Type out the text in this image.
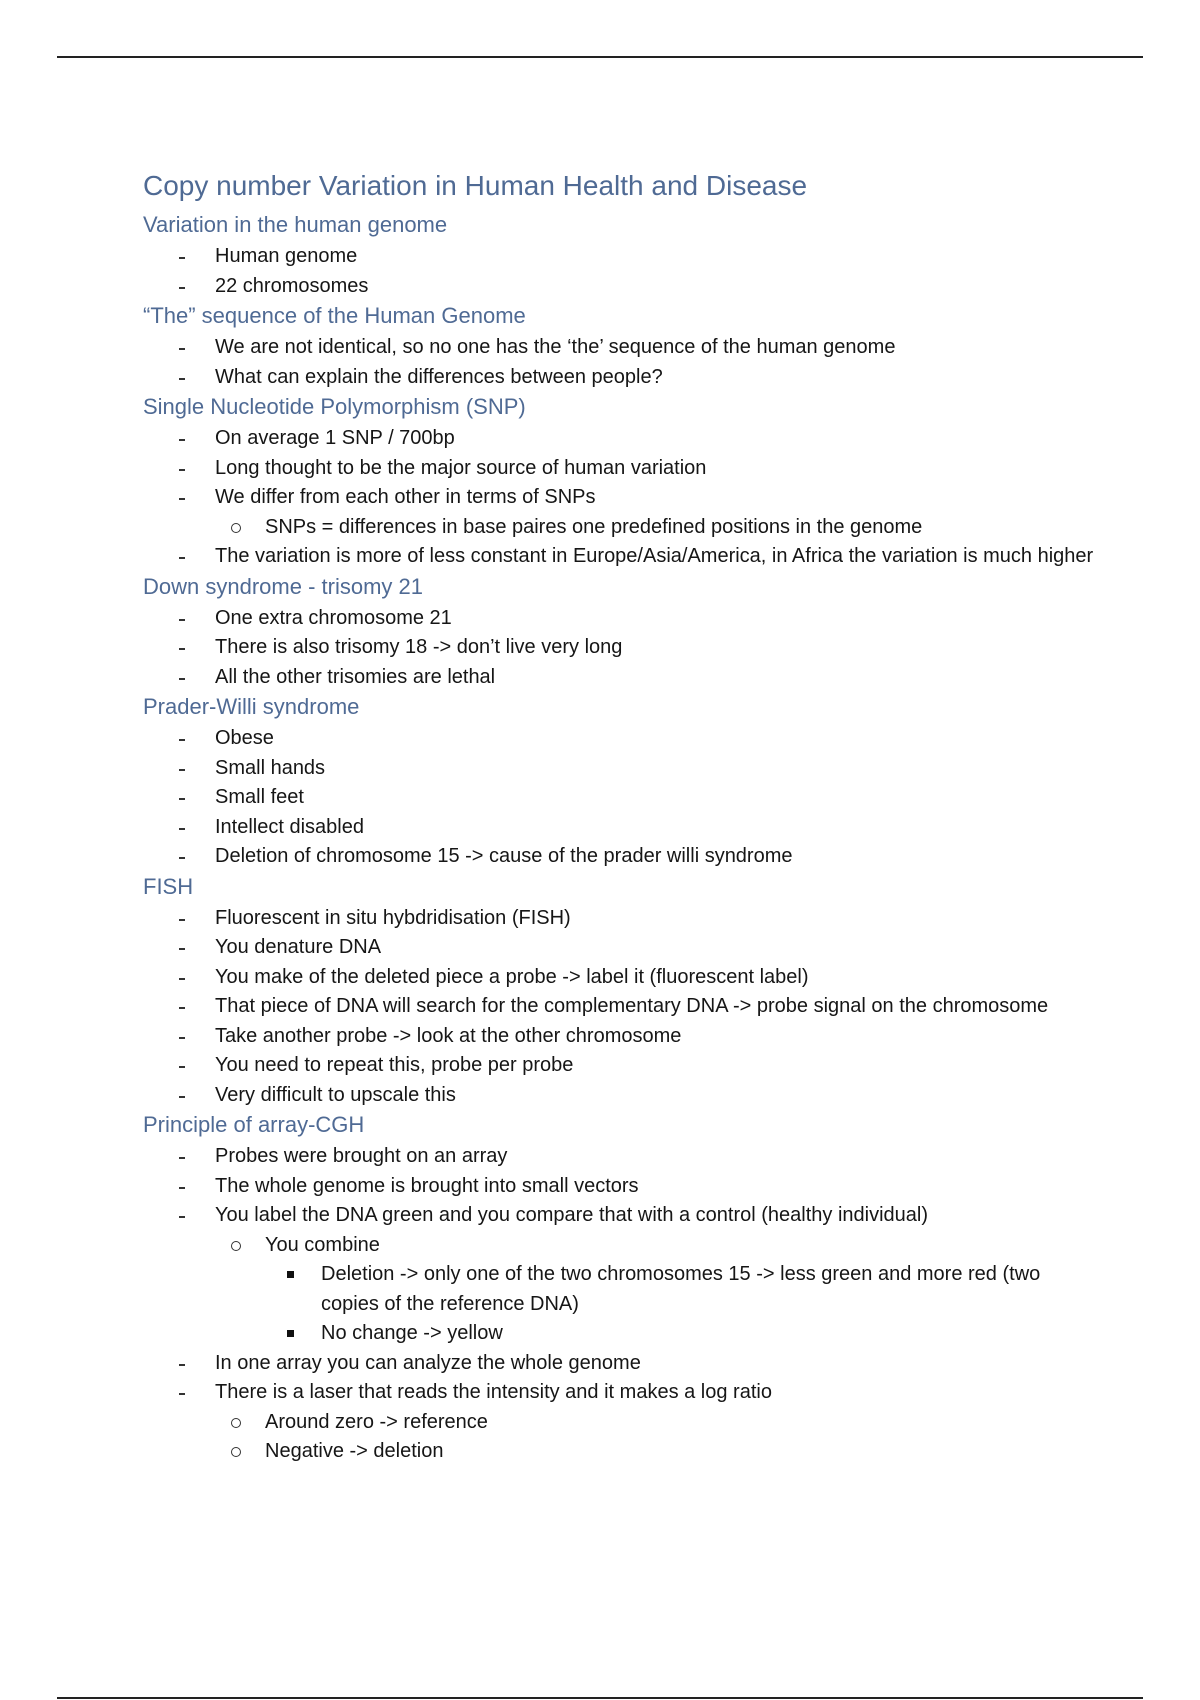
Copy number Variation in Human Health and Disease
Variation in the human genome
Human genome
22 chromosomes
“The” sequence of the Human Genome
We are not identical, so no one has the ‘the’ sequence of the human genome
What can explain the differences between people?
Single Nucleotide Polymorphism (SNP)
On average 1 SNP / 700bp
Long thought to be the major source of human variation
We differ from each other in terms of SNPs
SNPs = differences in base paires one predefined positions in the genome
The variation is more of less constant in Europe/Asia/America, in Africa the variation is much higher
Down syndrome - trisomy 21
One extra chromosome 21
There is also trisomy 18 -> don’t live very long
All the other trisomies are lethal
Prader-Willi syndrome
Obese
Small hands
Small feet
Intellect disabled
Deletion of chromosome 15 -> cause of the prader willi syndrome
FISH
Fluorescent in situ hybdridisation (FISH)
You denature DNA
You make of the deleted piece a probe -> label it (fluorescent label)
That piece of DNA will search for the complementary DNA -> probe signal on the chromosome
Take another probe -> look at the other chromosome
You need to repeat this, probe per probe
Very difficult to upscale this
Principle of array-CGH
Probes were brought on an array
The whole genome is brought into small vectors
You label the DNA green and you compare that with a control (healthy individual)
You combine
Deletion -> only one of the two chromosomes 15 -> less green and more red (two copies of the reference DNA)
No change -> yellow
In one array you can analyze the whole genome
There is a laser that reads the intensity and it makes a log ratio
Around zero -> reference
Negative -> deletion
